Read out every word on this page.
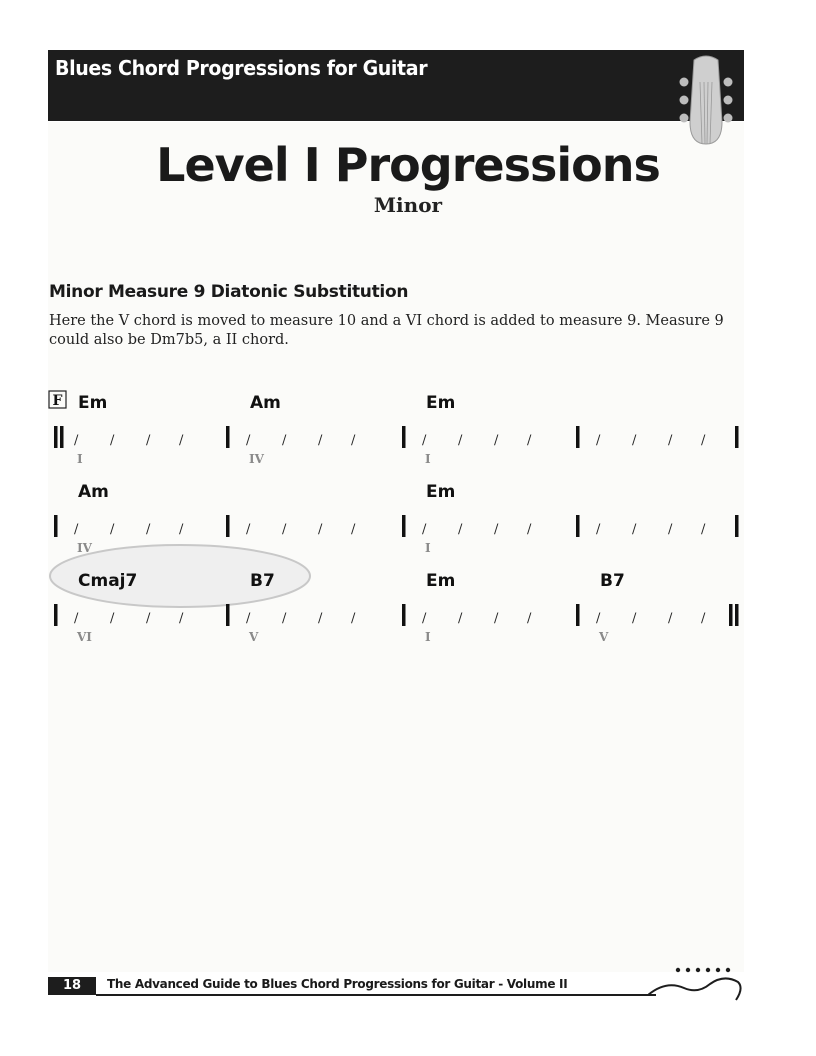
Blues Chord Progressions for Guitar
Level I Progressions
Minor
Minor Measure 9 Diatonic Substitution
Here the V chord is moved to measure 10 and a VI chord is added to measure 9. Measure 9 could also be Dm7b5, a II chord.
F Em
/ / / /
I
Am
/ / / /
IV
Em
/ / / /
I
/ / / /
Am
/ / / /
IV
/ / / /
Em
/ / / /
I
/ / / /
Cmaj7
/ / / /
VI
B7
/ / / /
V
Em
/ / / /
I
B7
/ / / /
V
18	The Advanced Guide to Blues Chord Progressions for Guitar - Volume II
